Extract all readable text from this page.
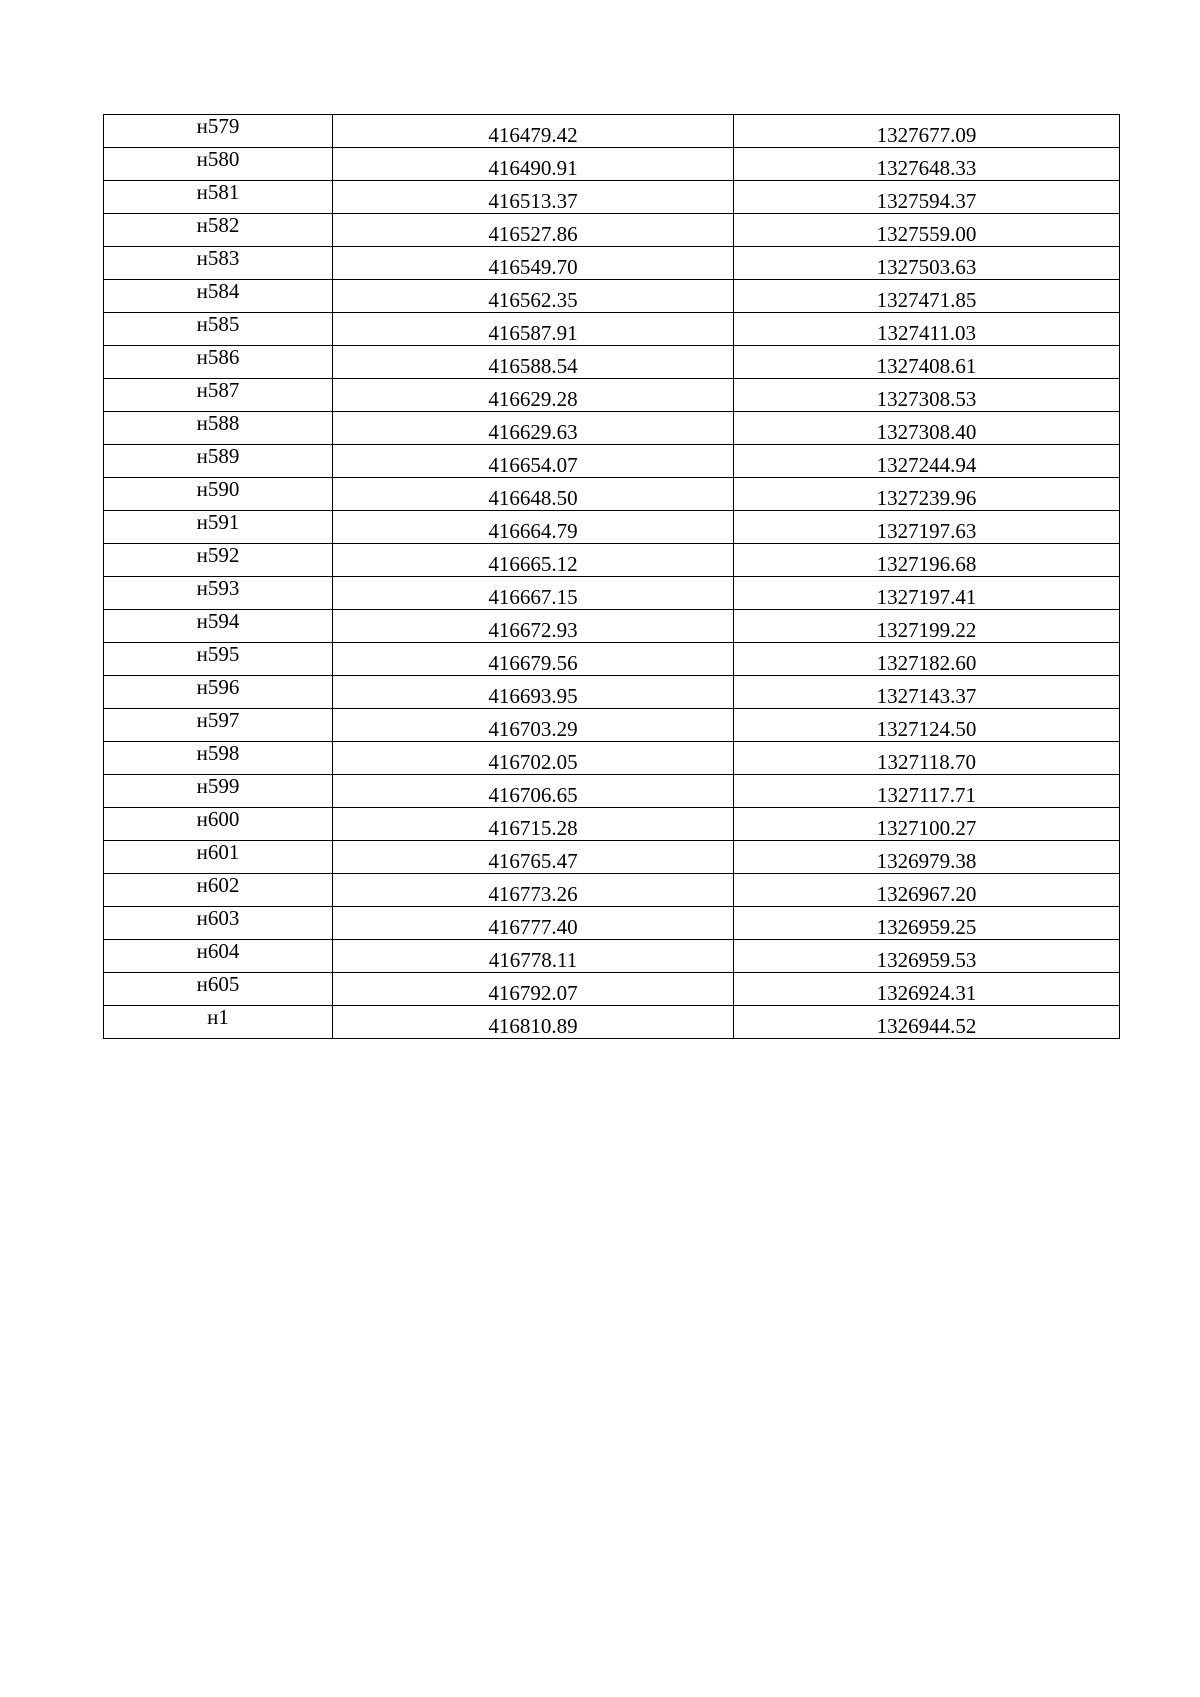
н579	416479.42	1327677.09
н580	416490.91	1327648.33
н581	416513.37	1327594.37
н582	416527.86	1327559.00
н583	416549.70	1327503.63
н584	416562.35	1327471.85
н585	416587.91	1327411.03
н586	416588.54	1327408.61
н587	416629.28	1327308.53
н588	416629.63	1327308.40
н589	416654.07	1327244.94
н590	416648.50	1327239.96
н591	416664.79	1327197.63
н592	416665.12	1327196.68
н593	416667.15	1327197.41
н594	416672.93	1327199.22
н595	416679.56	1327182.60
н596	416693.95	1327143.37
н597	416703.29	1327124.50
н598	416702.05	1327118.70
н599	416706.65	1327117.71
н600	416715.28	1327100.27
н601	416765.47	1326979.38
н602	416773.26	1326967.20
н603	416777.40	1326959.25
н604	416778.11	1326959.53
н605	416792.07	1326924.31
н1	416810.89	1326944.52
